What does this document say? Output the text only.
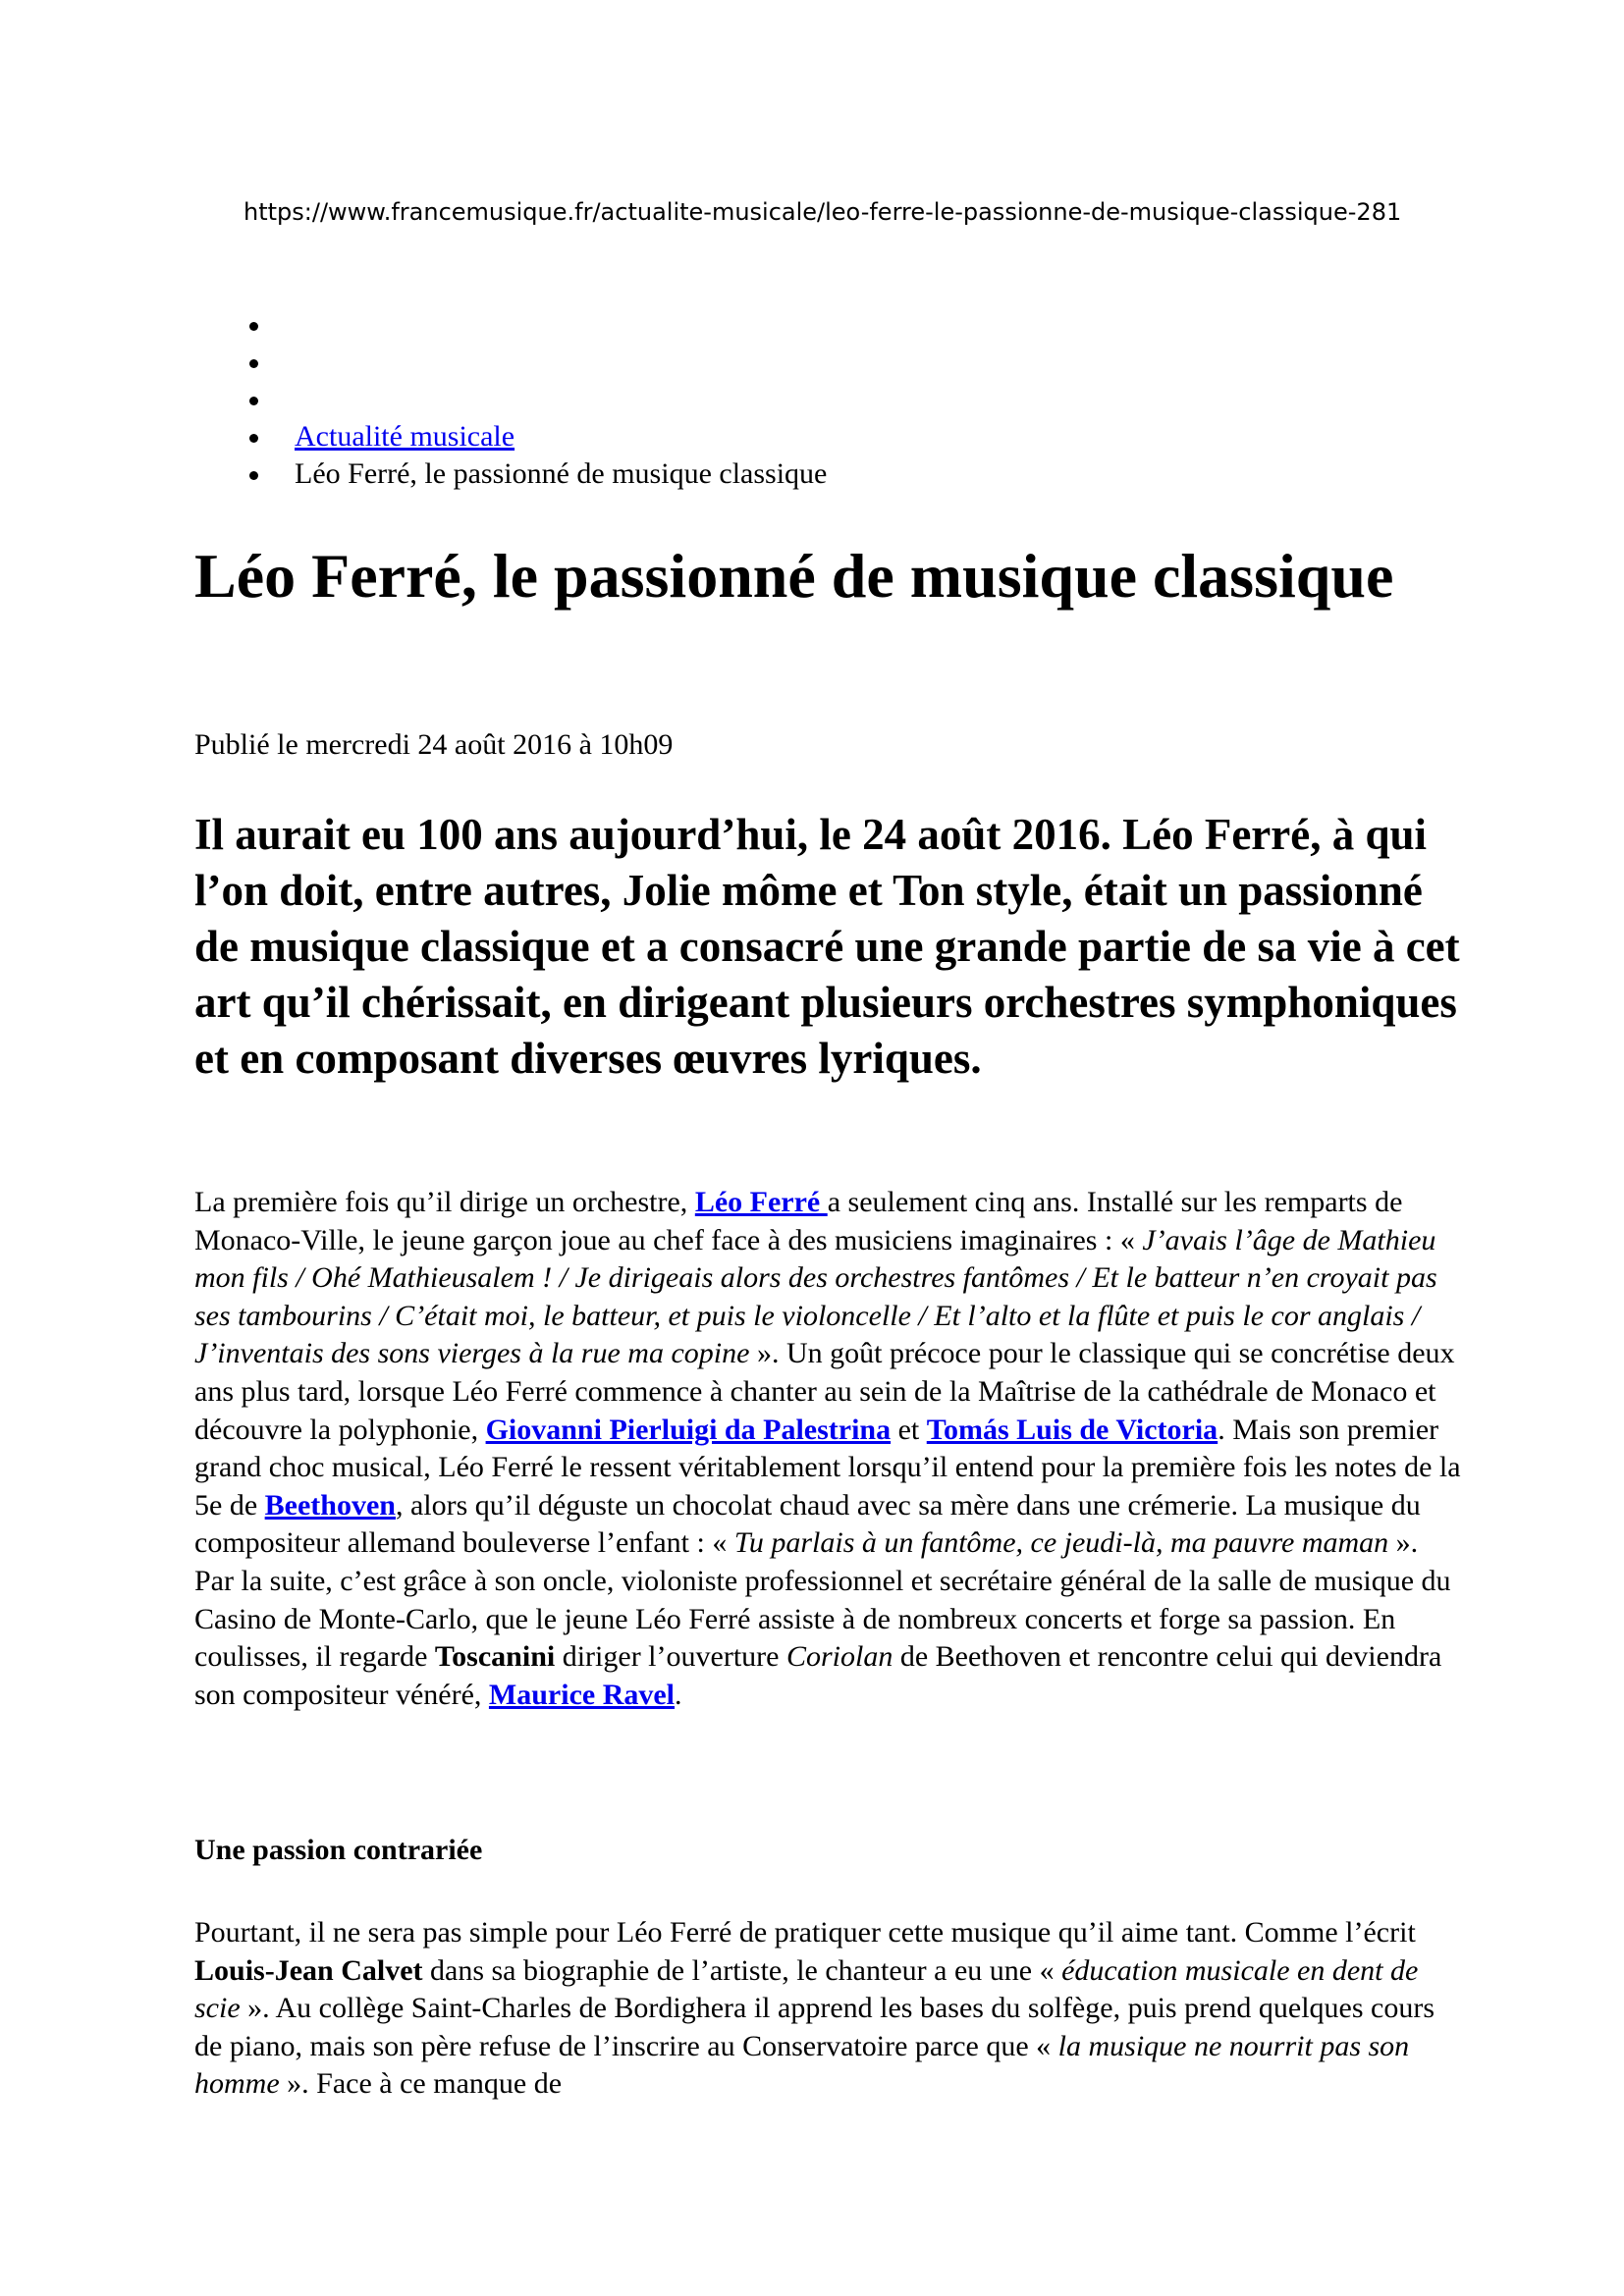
https://www.francemusique.fr/actualite-musicale/leo-ferre-le-passionne-de-musique-classique-281
Actualité musicale
Léo Ferré, le passionné de musique classique
Léo Ferré, le passionné de musique classique

Publié le mercredi 24 août 2016 à 10h09

Il aurait eu 100 ans aujourd’hui, le 24 août 2016. Léo Ferré, à qui l’on doit, entre autres, Jolie môme et Ton style, était un passionné de musique classique et a consacré une grande partie de sa vie à cet art qu’il chérissait, en dirigeant plusieurs orchestres symphoniques et en composant diverses œuvres lyriques.

La première fois qu’il dirige un orchestre, Léo Ferré a seulement cinq ans. Installé sur les remparts de Monaco-Ville, le jeune garçon joue au chef face à des musiciens imaginaires : « J’avais l’âge de Mathieu mon fils / Ohé Mathieusalem ! / Je dirigeais alors des orchestres fantômes / Et le batteur n’en croyait pas ses tambourins / C’était moi, le batteur, et puis le violoncelle / Et l’alto et la flûte et puis le cor anglais / J’inventais des sons vierges à la rue ma copine ». Un goût précoce pour le classique qui se concrétise deux ans plus tard, lorsque Léo Ferré commence à chanter au sein de la Maîtrise de la cathédrale de Monaco et découvre la polyphonie, Giovanni Pierluigi da Palestrina et Tomás Luis de Victoria. Mais son premier grand choc musical, Léo Ferré le ressent véritablement lorsqu’il entend pour la première fois les notes de la 5e de Beethoven, alors qu’il déguste un chocolat chaud avec sa mère dans une crémerie. La musique du compositeur allemand bouleverse l’enfant : « Tu parlais à un fantôme, ce jeudi-là, ma pauvre maman ». Par la suite, c’est grâce à son oncle, violoniste professionnel et secrétaire général de la salle de musique du Casino de Monte-Carlo, que le jeune Léo Ferré assiste à de nombreux concerts et forge sa passion. En coulisses, il regarde Toscanini diriger l’ouverture Coriolan de Beethoven et rencontre celui qui deviendra son compositeur vénéré, Maurice Ravel.

Une passion contrariée

Pourtant, il ne sera pas simple pour Léo Ferré de pratiquer cette musique qu’il aime tant. Comme l’écrit Louis-Jean Calvet dans sa biographie de l’artiste, le chanteur a eu une « éducation musicale en dent de scie ». Au collège Saint-Charles de Bordighera il apprend les bases du solfège, puis prend quelques cours de piano, mais son père refuse de l’inscrire au Conservatoire parce que « la musique ne nourrit pas son homme ». Face à ce manque de
